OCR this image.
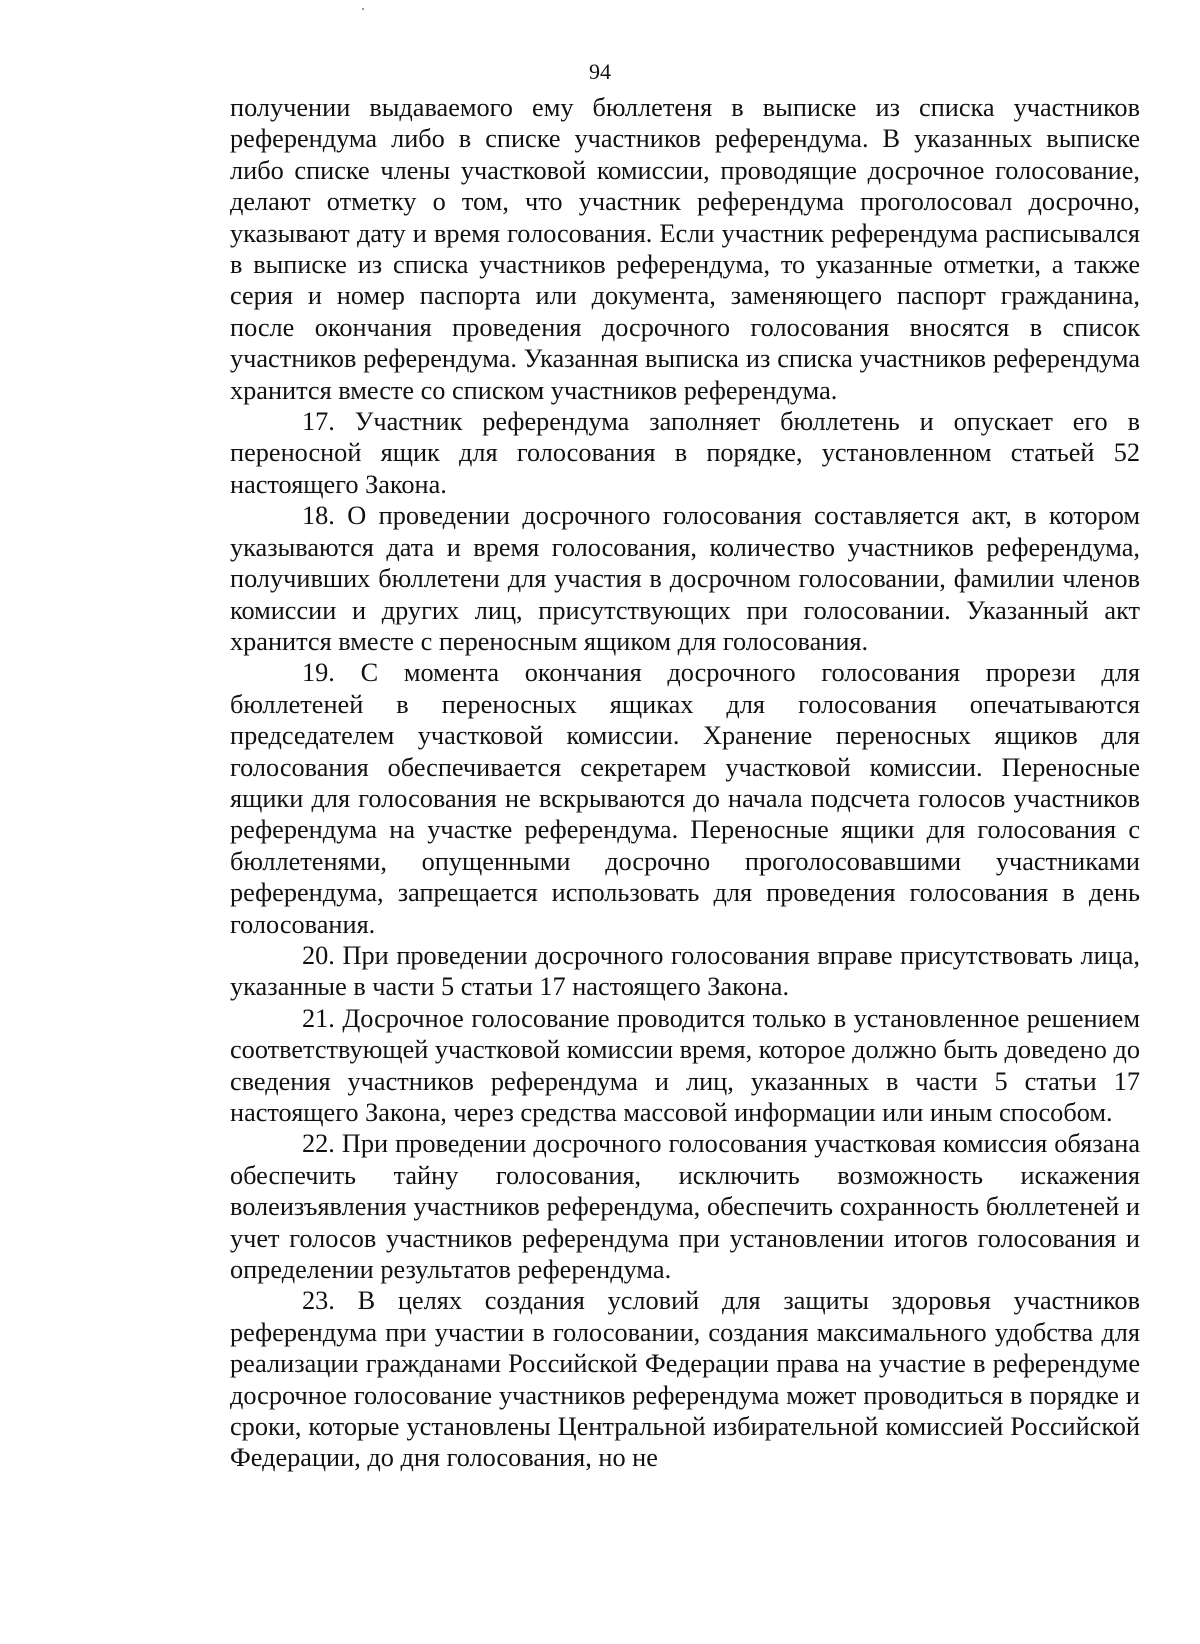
94

получении выдаваемого ему бюллетеня в выписке из списка участников референдума либо в списке участников референдума. В указанных выписке либо списке члены участковой комиссии, проводящие досрочное голосование, делают отметку о том, что участник референдума проголосовал досрочно, указывают дату и время голосования. Если участник референдума расписывался в выписке из списка участников референдума, то указанные отметки, а также серия и номер паспорта или документа, заменяющего паспорт гражданина, после окончания проведения досрочного голосования вносятся в список участников референдума. Указанная выписка из списка участников референдума хранится вместе со списком участников референдума.

17. Участник референдума заполняет бюллетень и опускает его в переносной ящик для голосования в порядке, установленном статьей 52 настоящего Закона.

18. О проведении досрочного голосования составляется акт, в котором указываются дата и время голосования, количество участников референдума, получивших бюллетени для участия в досрочном голосовании, фамилии членов комиссии и других лиц, присутствующих при голосовании. Указанный акт хранится вместе с переносным ящиком для голосования.

19. С момента окончания досрочного голосования прорези для бюллетеней в переносных ящиках для голосования опечатываются председателем участковой комиссии. Хранение переносных ящиков для голосования обеспечивается секретарем участковой комиссии. Переносные ящики для голосования не вскрываются до начала подсчета голосов участников референдума на участке референдума. Переносные ящики для голосования с бюллетенями, опущенными досрочно проголосовавшими участниками референдума, запрещается использовать для проведения голосования в день голосования.

20. При проведении досрочного голосования вправе присутствовать лица, указанные в части 5 статьи 17 настоящего Закона.

21. Досрочное голосование проводится только в установленное решением соответствующей участковой комиссии время, которое должно быть доведено до сведения участников референдума и лиц, указанных в части 5 статьи 17 настоящего Закона, через средства массовой информации или иным способом.

22. При проведении досрочного голосования участковая комиссия обязана обеспечить тайну голосования, исключить возможность искажения волеизъявления участников референдума, обеспечить сохранность бюллетеней и учет голосов участников референдума при установлении итогов голосования и определении результатов референдума.

23. В целях создания условий для защиты здоровья участников референдума при участии в голосовании, создания максимального удобства для реализации гражданами Российской Федерации права на участие в референдуме досрочное голосование участников референдума может проводиться в порядке и сроки, которые установлены Центральной избирательной комиссией Российской Федерации, до дня голосования, но не
